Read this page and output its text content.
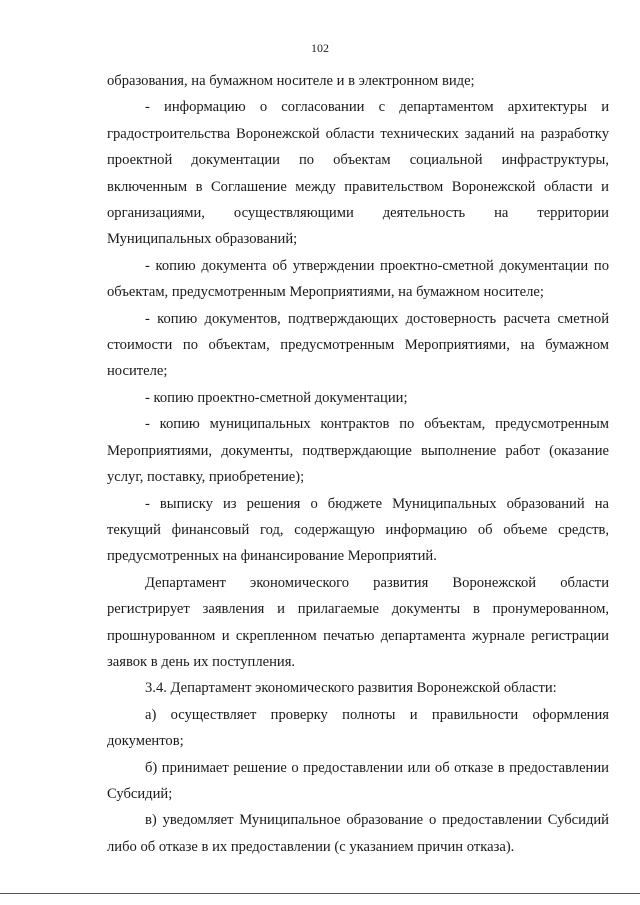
102

образования, на бумажном носителе и в электронном виде;

- информацию о согласовании с департаментом архитектуры и градостроительства Воронежской области технических заданий на разработку проектной документации по объектам социальной инфраструктуры, включенным в Соглашение между правительством Воронежской области и организациями, осуществляющими деятельность на территории Муниципальных образований;

- копию документа об утверждении проектно-сметной документации по объектам, предусмотренным Мероприятиями, на бумажном носителе;

- копию документов, подтверждающих достоверность расчета сметной стоимости по объектам, предусмотренным Мероприятиями, на бумажном носителе;

- копию проектно-сметной документации;

- копию муниципальных контрактов по объектам, предусмотренным Мероприятиями, документы, подтверждающие выполнение работ (оказание услуг, поставку, приобретение);

- выписку из решения о бюджете Муниципальных образований на текущий финансовый год, содержащую информацию об объеме средств, предусмотренных на финансирование Мероприятий.

Департамент экономического развития Воронежской области регистрирует заявления и прилагаемые документы в пронумерованном, прошнурованном и скрепленном печатью департамента журнале регистрации заявок в день их поступления.

3.4. Департамент экономического развития Воронежской области:

а) осуществляет проверку полноты и правильности оформления документов;

б) принимает решение о предоставлении или об отказе в предоставлении Субсидий;

в) уведомляет Муниципальное образование о предоставлении Субсидий либо об отказе в их предоставлении (с указанием причин отказа).
